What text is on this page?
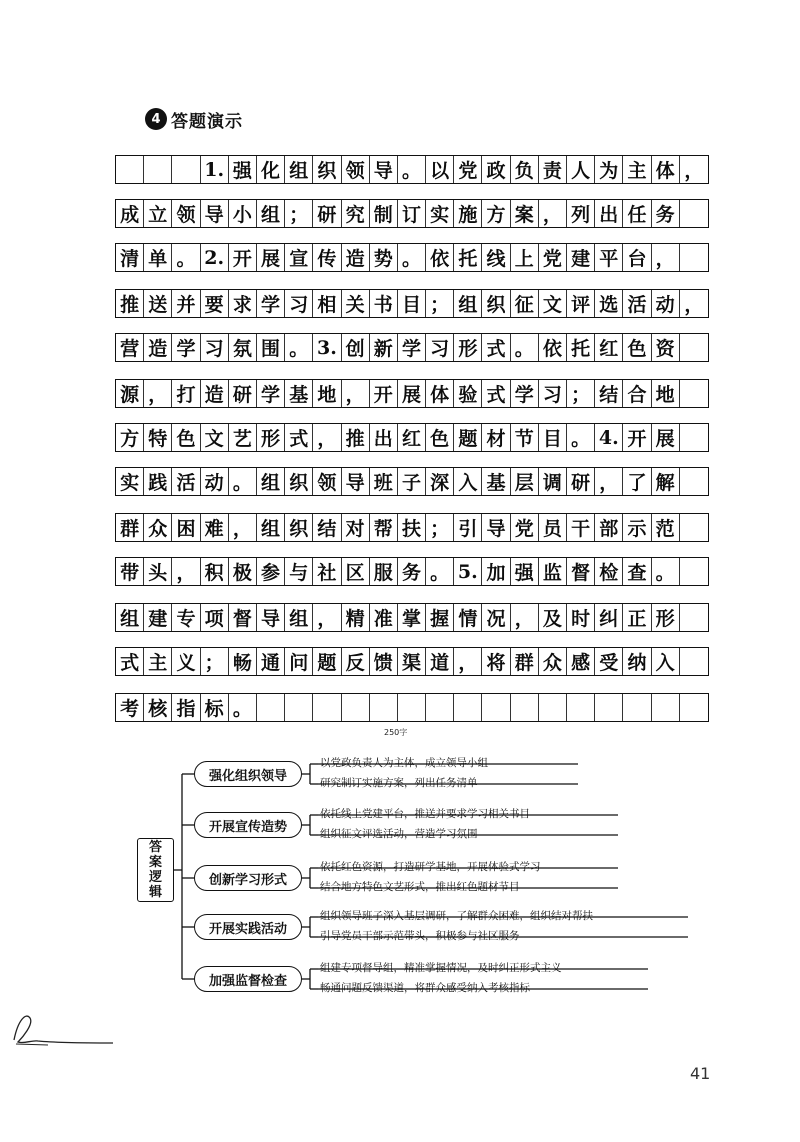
4 答题演示
1. 强 化 组 织 领 导 。 以 党 政 负 责 人 为 主 体 ，
成 立 领 导 小 组 ； 研 究 制 订 实 施 方 案 ， 列 出 任 务
清 单 。 2. 开 展 宣 传 造 势 。 依 托 线 上 党 建 平 台 ，
推 送 并 要 求 学 习 相 关 书 目 ； 组 织 征 文 评 选 活 动 ，
营 造 学 习 氛 围 。 3. 创 新 学 习 形 式 。 依 托 红 色 资
源 ， 打 造 研 学 基 地 ， 开 展 体 验 式 学 习 ； 结 合 地
方 特 色 文 艺 形 式 ， 推 出 红 色 题 材 节 目 。 4. 开 展
实 践 活 动 。 组 织 领 导 班 子 深 入 基 层 调 研 ， 了 解
群 众 困 难 ， 组 织 结 对 帮 扶 ； 引 导 党 员 干 部 示 范
带 头 ， 积 极 参 与 社 区 服 务 。 5. 加 强 监 督 检 查 。
组 建 专 项 督 导 组 ， 精 准 掌 握 情 况 ， 及 时 纠 正 形
式 主 义 ； 畅 通 问 题 反 馈 渠 道 ， 将 群 众 感 受 纳 入
考 核 指 标 。
250字
答
案
逻
辑
强化组织领导
以党政负责人为主体，成立领导小组
研究制订实施方案，列出任务清单
开展宣传造势
依托线上党建平台，推送并要求学习相关书目
组织征文评选活动，营造学习氛围
创新学习形式
依托红色资源，打造研学基地，开展体验式学习
结合地方特色文艺形式，推出红色题材节目
开展实践活动
组织领导班子深入基层调研，了解群众困难，组织结对帮扶
引导党员干部示范带头，积极参与社区服务
加强监督检查
组建专项督导组，精准掌握情况，及时纠正形式主义
畅通问题反馈渠道，将群众感受纳入考核指标
41
